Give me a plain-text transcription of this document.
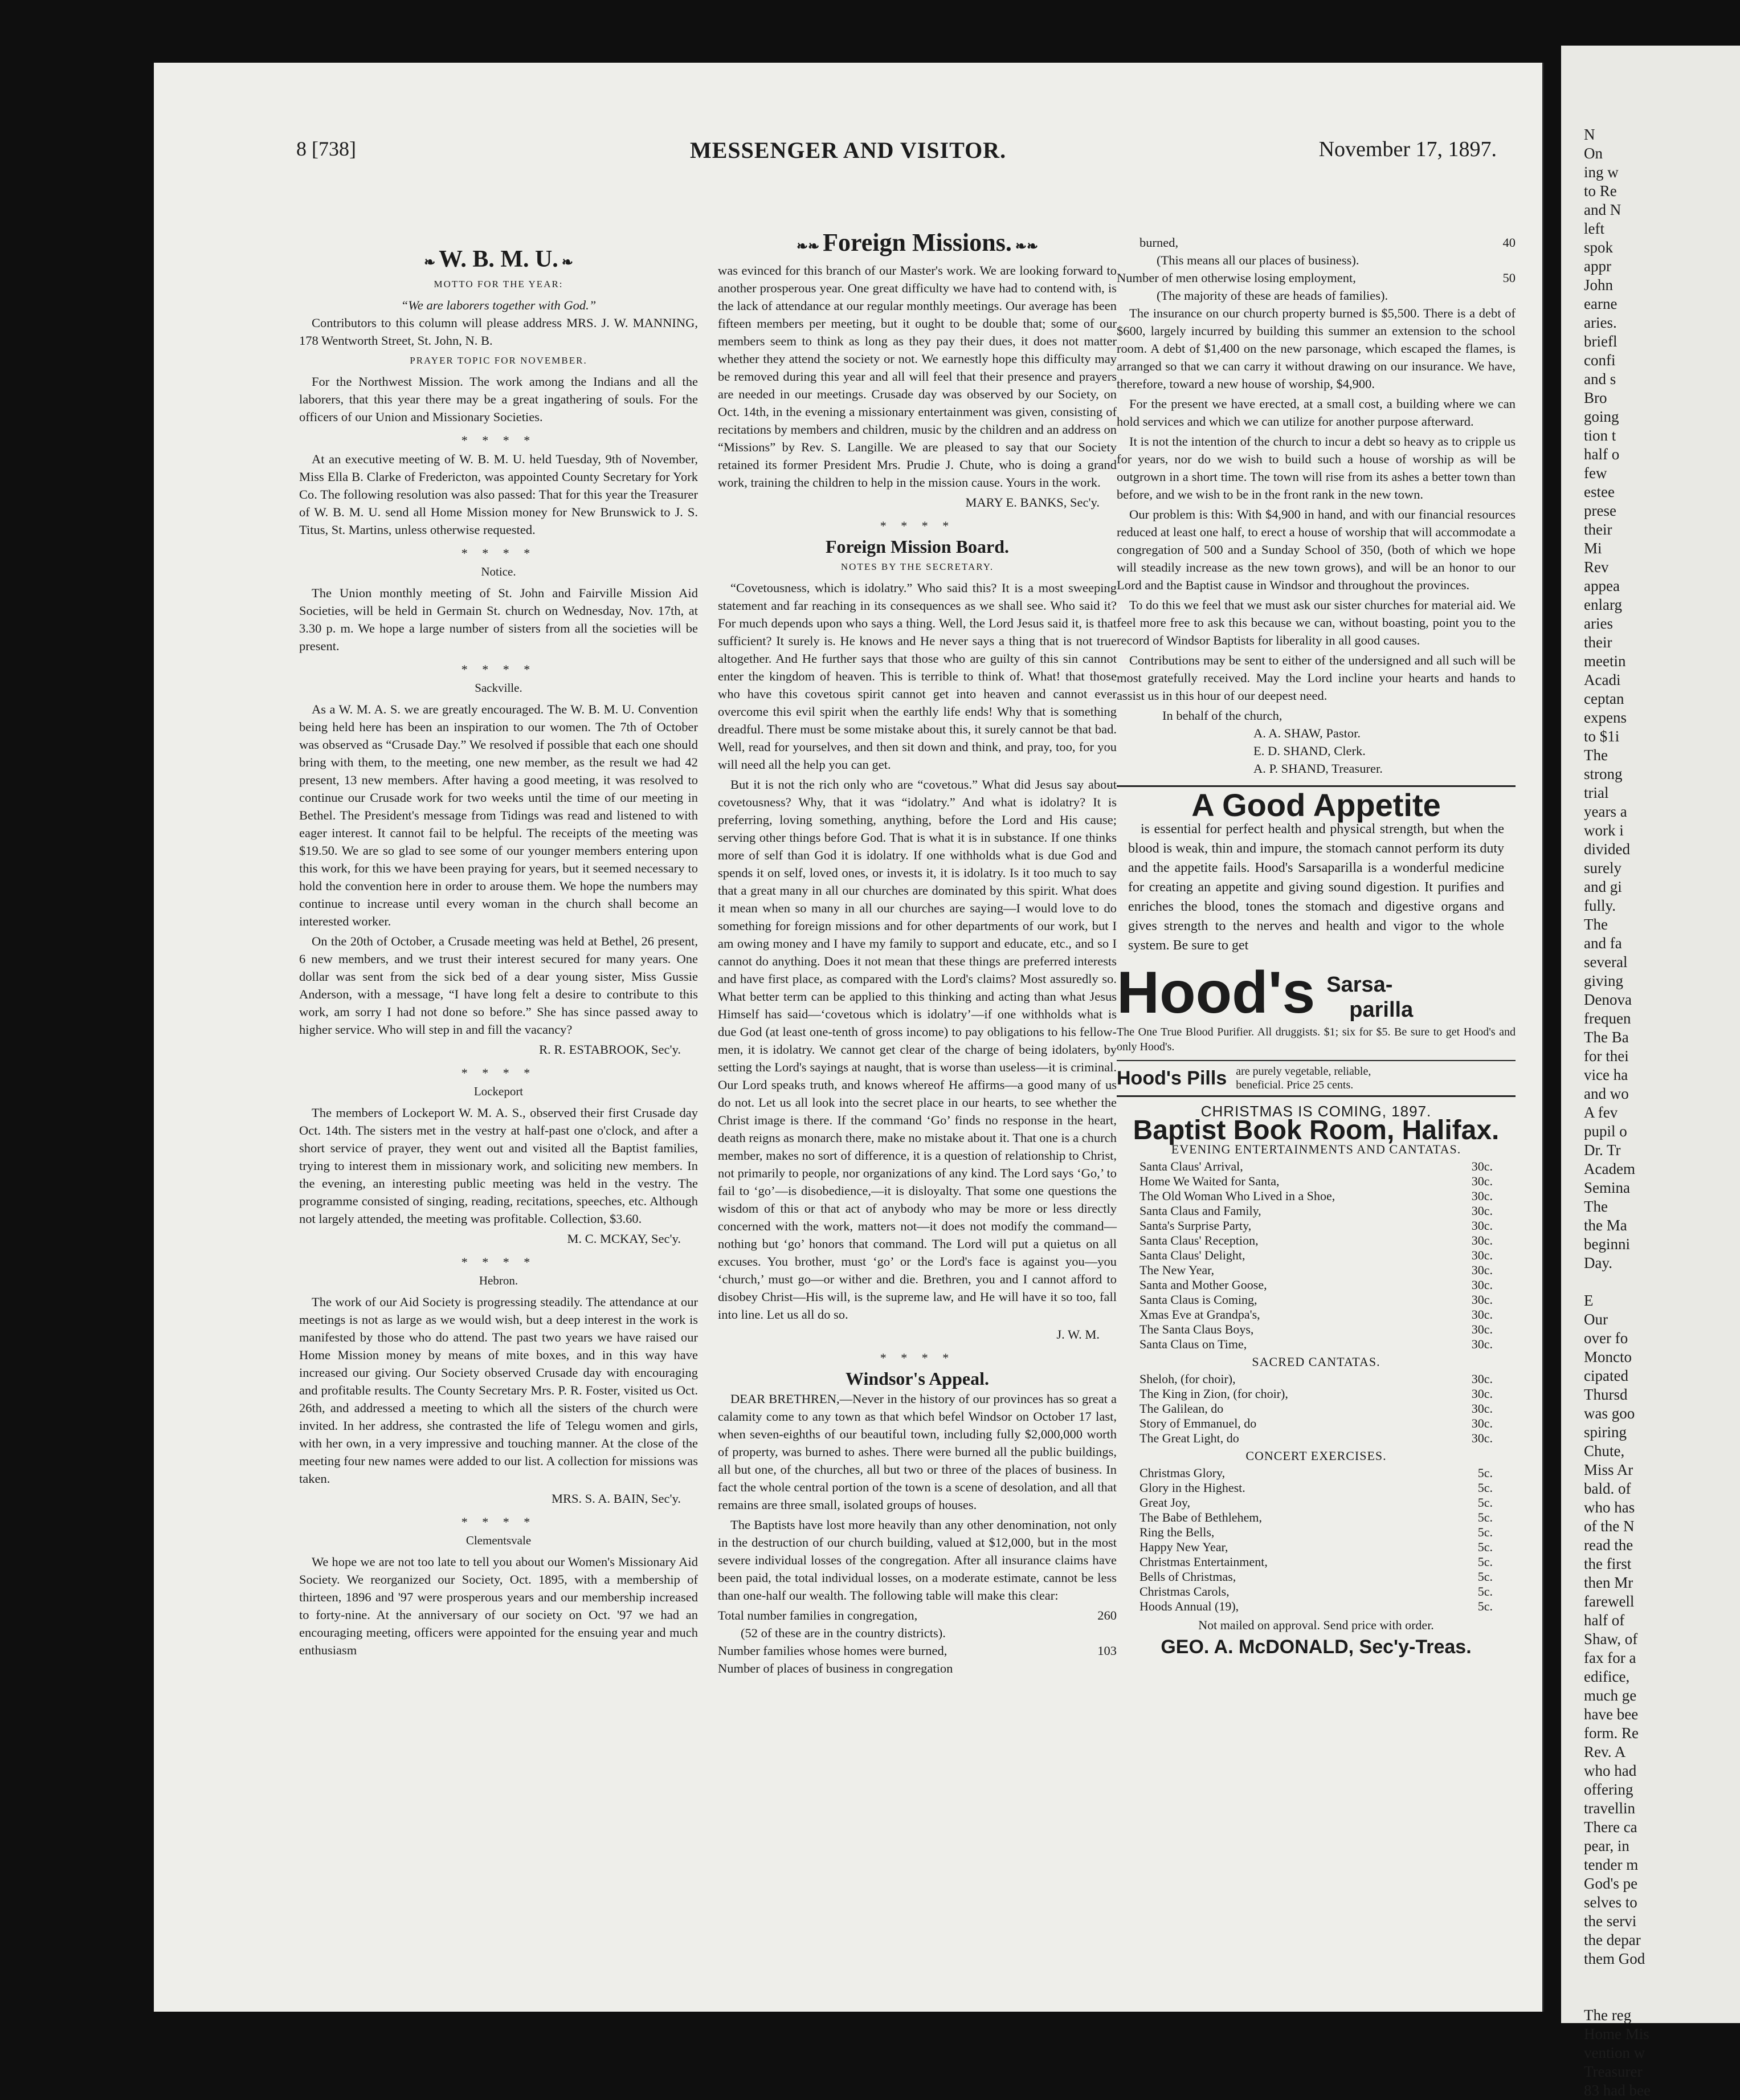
8 [738]	MESSENGER AND VISITOR.	November 17, 1897.
❧ W. B. M. U. ❧
MOTTO FOR THE YEAR:
“We are laborers together with God.”

Contributors to this column will please address MRS. J. W. MANNING, 178 Wentworth Street, St. John, N. B.

PRAYER TOPIC FOR NOVEMBER.

For the Northwest Mission. The work among the Indians and all the laborers, that this year there may be a great ingathering of souls. For the officers of our Union and Missionary Societies.

* * * *

At an executive meeting of W. B. M. U. held Tuesday, 9th of November, Miss Ella B. Clarke of Fredericton, was appointed County Secretary for York Co. The following resolution was also passed: That for this year the Treasurer of W. B. M. U. send all Home Mission money for New Brunswick to J. S. Titus, St. Martins, unless otherwise requested.

* * * *
Notice.

The Union monthly meeting of St. John and Fairville Mission Aid Societies, will be held in Germain St. church on Wednesday, Nov. 17th, at 3.30 p. m. We hope a large number of sisters from all the societies will be present.

* * * *
Sackville.

As a W. M. A. S. we are greatly encouraged. The W. B. M. U. Convention being held here has been an inspiration to our women. The 7th of October was observed as “Crusade Day.” We resolved if possible that each one should bring with them, to the meeting, one new member, as the result we had 42 present, 13 new members. After having a good meeting, it was resolved to continue our Crusade work for two weeks until the time of our meeting in Bethel. The President's message from Tidings was read and listened to with eager interest. It cannot fail to be helpful. The receipts of the meeting was $19.50. We are so glad to see some of our younger members entering upon this work, for this we have been praying for years, but it seemed necessary to hold the convention here in order to arouse them. We hope the numbers may continue to increase until every woman in the church shall become an interested worker.

On the 20th of October, a Crusade meeting was held at Bethel, 26 present, 6 new members, and we trust their interest secured for many years. One dollar was sent from the sick bed of a dear young sister, Miss Gussie Anderson, with a message, “I have long felt a desire to contribute to this work, am sorry I had not done so before.” She has since passed away to higher service. Who will step in and fill the vacancy?

R. R. ESTABROOK, Sec'y.
* * * *
Lockeport

The members of Lockeport W. M. A. S., observed their first Crusade day Oct. 14th. The sisters met in the vestry at half-past one o'clock, and after a short service of prayer, they went out and visited all the Baptist families, trying to interest them in missionary work, and soliciting new members. In the evening, an interesting public meeting was held in the vestry. The programme consisted of singing, reading, recitations, speeches, etc. Although not largely attended, the meeting was profitable. Collection, $3.60.

M. C. MCKAY, Sec'y.
* * * *
Hebron.

The work of our Aid Society is progressing steadily. The attendance at our meetings is not as large as we would wish, but a deep interest in the work is manifested by those who do attend. The past two years we have raised our Home Mission money by means of mite boxes, and in this way have increased our giving. Our Society observed Crusade day with encouraging and profitable results. The County Secretary Mrs. P. R. Foster, visited us Oct. 26th, and addressed a meeting to which all the sisters of the church were invited. In her address, she contrasted the life of Telegu women and girls, with her own, in a very impressive and touching manner. At the close of the meeting four new names were added to our list. A collection for missions was taken.

MRS. S. A. BAIN, Sec'y.
* * * *
Clementsvale

We hope we are not too late to tell you about our Women's Missionary Aid Society. We reorganized our Society, Oct. 1895, with a membership of thirteen, 1896 and '97 were prosperous years and our membership increased to forty-nine. At the anniversary of our society on Oct. '97 we had an encouraging meeting, officers were appointed for the ensuing year and much enthusiasm

❧❧ Foreign Missions. ❧❧

was evinced for this branch of our Master's work. We are looking forward to another prosperous year. One great difficulty we have had to contend with, is the lack of attendance at our regular monthly meetings. Our average has been fifteen members per meeting, but it ought to be double that; some of our members seem to think as long as they pay their dues, it does not matter whether they attend the society or not. We earnestly hope this difficulty may be removed during this year and all will feel that their presence and prayers are needed in our meetings. Crusade day was observed by our Society, on Oct. 14th, in the evening a missionary entertainment was given, consisting of recitations by members and children, music by the children and an address on “Missions” by Rev. S. Langille. We are pleased to say that our Society retained its former President Mrs. Prudie J. Chute, who is doing a grand work, training the children to help in the mission cause. Yours in the work.

MARY E. BANKS, Sec'y.
* * * *
Foreign Mission Board.
NOTES BY THE SECRETARY.

“Covetousness, which is idolatry.” Who said this? It is a most sweeping statement and far reaching in its consequences as we shall see. Who said it? For much depends upon who says a thing. Well, the Lord Jesus said it, is that sufficient? It surely is. He knows and He never says a thing that is not true altogether. And He further says that those who are guilty of this sin cannot enter the kingdom of heaven. This is terrible to think of. What! that those who have this covetous spirit cannot get into heaven and cannot ever overcome this evil spirit when the earthly life ends! Why that is something dreadful. There must be some mistake about this, it surely cannot be that bad. Well, read for yourselves, and then sit down and think, and pray, too, for you will need all the help you can get.

But it is not the rich only who are “covetous.” What did Jesus say about covetousness? Why, that it was “idolatry.” And what is idolatry? It is preferring, loving something, anything, before the Lord and His cause; serving other things before God. That is what it is in substance. If one thinks more of self than God it is idolatry. If one withholds what is due God and spends it on self, loved ones, or invests it, it is idolatry. Is it too much to say that a great many in all our churches are dominated by this spirit. What does it mean when so many in all our churches are saying—I would love to do something for foreign missions and for other departments of our work, but I am owing money and I have my family to support and educate, etc., and so I cannot do anything. Does it not mean that these things are preferred interests and have first place, as compared with the Lord's claims? Most assuredly so. What better term can be applied to this thinking and acting than what Jesus Himself has said—‘covetous which is idolatry’—if one withholds what is due God (at least one-tenth of gross income) to pay obligations to his fellow-men, it is idolatry. We cannot get clear of the charge of being idolaters, by setting the Lord's sayings at naught, that is worse than useless—it is criminal. Our Lord speaks truth, and knows whereof He affirms—a good many of us do not. Let us all look into the secret place in our hearts, to see whether the Christ image is there. If the command ‘Go’ finds no response in the heart, death reigns as monarch there, make no mistake about it. That one is a church member, makes no sort of difference, it is a question of relationship to Christ, not primarily to people, nor organizations of any kind. The Lord says ‘Go,’ to fail to ‘go’—is disobedience,—it is disloyalty. That some one questions the wisdom of this or that act of anybody who may be more or less directly concerned with the work, matters not—it does not modify the command—nothing but ‘go’ honors that command. The Lord will put a quietus on all excuses. You brother, must ‘go’ or the Lord's face is against you—you ‘church,’ must go—or wither and die. Brethren, you and I cannot afford to disobey Christ—His will, is the supreme law, and He will have it so too, fall into line. Let us all do so.

J. W. M.
* * * *
Windsor's Appeal.

DEAR BRETHREN,—Never in the history of our provinces has so great a calamity come to any town as that which befel Windsor on October 17 last, when seven-eighths of our beautiful town, including fully $2,000,000 worth of property, was burned to ashes. There were burned all the public buildings, all but one, of the churches, all but two or three of the places of business. In fact the whole central portion of the town is a scene of desolation, and all that remains are three small, isolated groups of houses.

The Baptists have lost more heavily than any other denomination, not only in the destruction of our church building, valued at $12,000, but in the most severe individual losses of the congregation. After all insurance claims have been paid, the total individual losses, on a moderate estimate, cannot be less than one-half our wealth. The following table will make this clear:

Total number families in congregation,	260
(52 of these are in the country districts).
Number families whose homes were burned,	103
Number of places of business in congregation
burned,	40
(This means all our places of business).
Number of men otherwise losing employment,	50
(The majority of these are heads of families).

The insurance on our church property burned is $5,500. There is a debt of $600, largely incurred by building this summer an extension to the school room. A debt of $1,400 on the new parsonage, which escaped the flames, is arranged so that we can carry it without drawing on our insurance. We have, therefore, toward a new house of worship, $4,900.

For the present we have erected, at a small cost, a building where we can hold services and which we can utilize for another purpose afterward.

It is not the intention of the church to incur a debt so heavy as to cripple us for years, nor do we wish to build such a house of worship as will be outgrown in a short time. The town will rise from its ashes a better town than before, and we wish to be in the front rank in the new town.

Our problem is this: With $4,900 in hand, and with our financial resources reduced at least one half, to erect a house of worship that will accommodate a congregation of 500 and a Sunday School of 350, (both of which we hope will steadily increase as the new town grows), and will be an honor to our Lord and the Baptist cause in Windsor and throughout the provinces.

To do this we feel that we must ask our sister churches for material aid. We feel more free to ask this because we can, without boasting, point you to the record of Windsor Baptists for liberality in all good causes.

Contributions may be sent to either of the undersigned and all such will be most gratefully received. May the Lord incline your hearts and hands to assist us in this hour of our deepest need.

In behalf of the church,
A. A. SHAW, Pastor.
E. D. SHAND, Clerk.
A. P. SHAND, Treasurer.
A Good Appetite

is essential for perfect health and physical strength, but when the blood is weak, thin and impure, the stomach cannot perform its duty and the appetite fails. Hood's Sarsaparilla is a wonderful medicine for creating an appetite and giving sound digestion. It purifies and enriches the blood, tones the stomach and digestive organs and gives strength to the nerves and health and vigor to the whole system. Be sure to get

Hood's Sarsa-
parilla

The One True Blood Purifier. All druggists. $1; six for $5. Be sure to get Hood's and only Hood's.

Hood's Pills are purely vegetable, reliable,
beneficial. Price 25 cents.
CHRISTMAS IS COMING, 1897.
Baptist Book Room, Halifax.
EVENING ENTERTAINMENTS AND CANTATAS.
Santa Claus' Arrival,	30c.
Home We Waited for Santa,	30c.
The Old Woman Who Lived in a Shoe,	30c.
Santa Claus and Family,	30c.
Santa's Surprise Party,	30c.
Santa Claus' Reception,	30c.
Santa Claus' Delight,	30c.
The New Year,	30c.
Santa and Mother Goose,	30c.
Santa Claus is Coming,	30c.
Xmas Eve at Grandpa's,	30c.
The Santa Claus Boys,	30c.
Santa Claus on Time,	30c.
SACRED CANTATAS.
Sheloh, (for choir),	30c.
The King in Zion, (for choir),	30c.
The Galilean, do	30c.
Story of Emmanuel, do	30c.
The Great Light, do	30c.
CONCERT EXERCISES.
Christmas Glory,	5c.
Glory in the Highest.	5c.
Great Joy,	5c.
The Babe of Bethlehem,	5c.
Ring the Bells,	5c.
Happy New Year,	5c.
Christmas Entertainment,	5c.
Bells of Christmas,	5c.
Christmas Carols,	5c.
Hoods Annual (19),	5c.
Not mailed on approval. Send price with order.
GEO. A. McDONALD, Sec'y-Treas.
N
On
ing w
to Re
and N
left
spok
appr
John
earne
aries.
briefl
confi
and s
Bro
going
tion t
half o
few
estee
prese
their
Mi
Rev
appea
enlarg
aries
their
meetin
Acadi
ceptan
expens
to $1i
The
strong
trial
years a
work i
divided
surely
and gi
fully.
The
and fa
several
giving
Denova
frequen
The Ba
for thei
vice ha
and wo
A fev
pupil o
Dr. Tr
Academ
Semina
The
the Ma
beginni
Day.

E
Our
over fo
Moncto
cipated
Thursd
was goo
spiring
Chute,
Miss Ar
bald. of
who has
of the N
read the
the first
then Mr
farewell
half of
Shaw, of
fax for a
edifice,
much ge
have bee
form. Re
Rev. A
who had
offering
travellin
There ca
pear, in
tender m
God's pe
selves to
the servi
the depar
them God

The reg
Home Mis
vention w
Treasurer
83 had bee
